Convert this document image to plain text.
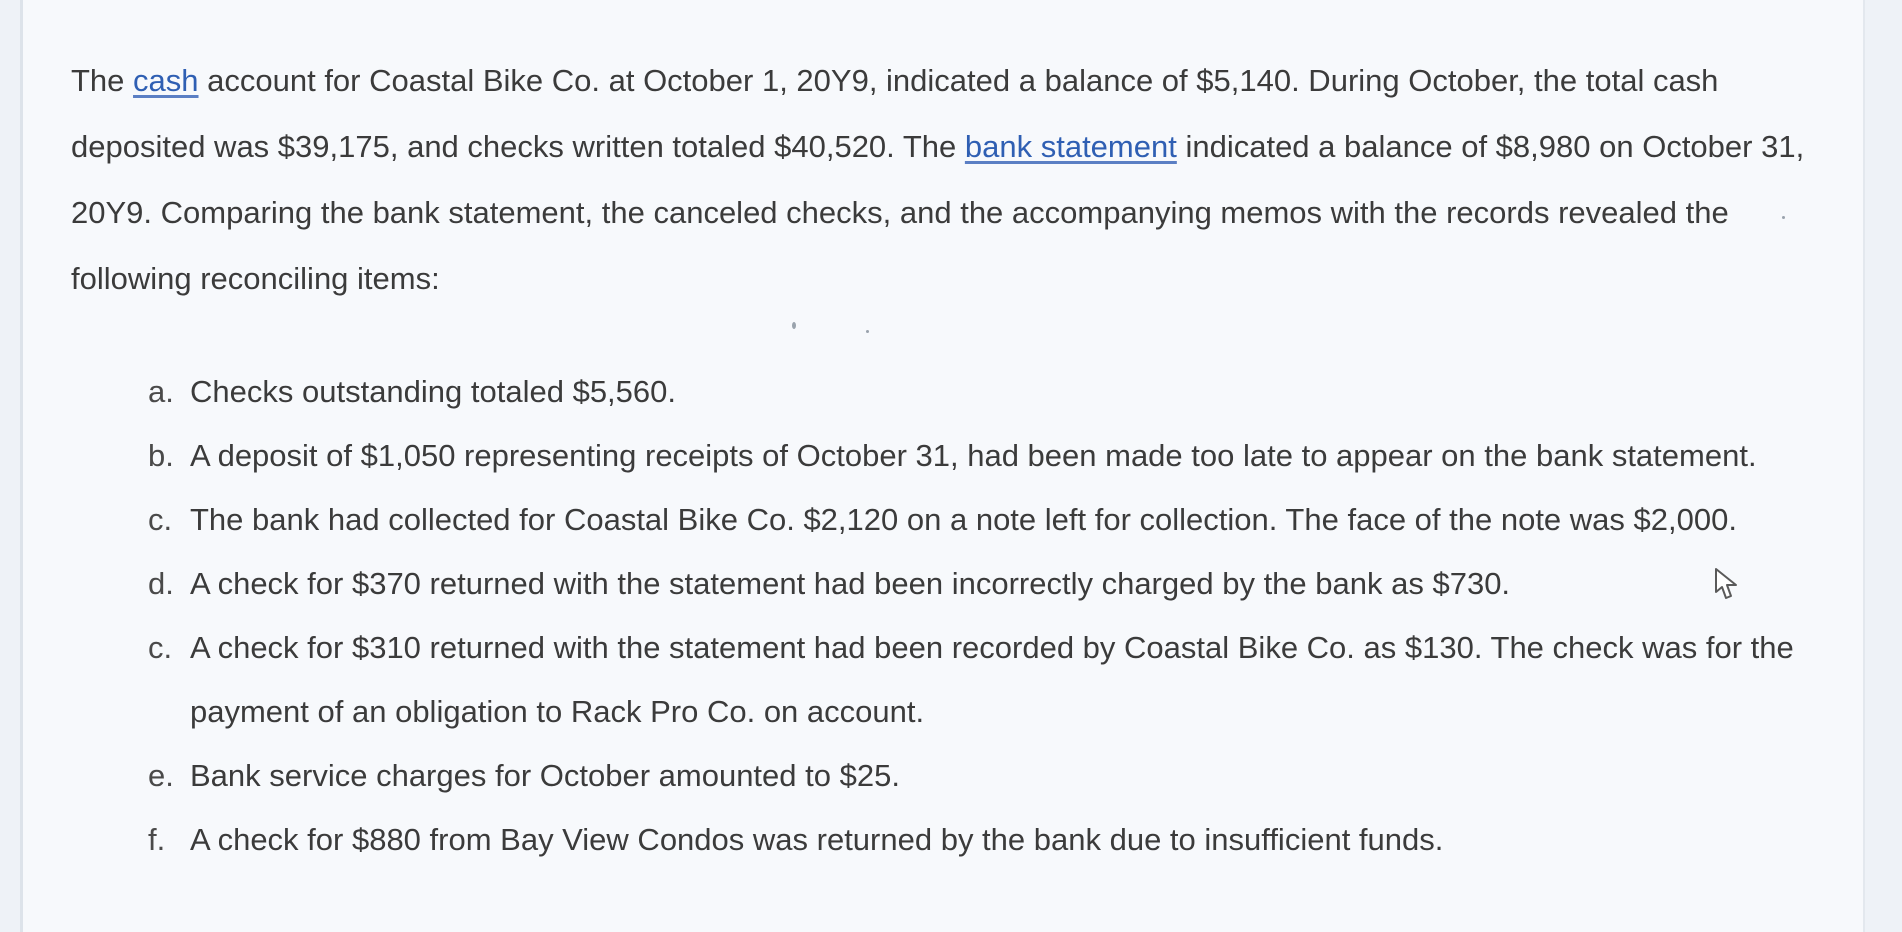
The cash account for Coastal Bike Co. at October 1, 20Y9, indicated a balance of $5,140. During October, the total cash deposited was $39,175, and checks written totaled $40,520. The bank statement indicated a balance of $8,980 on October 31, 20Y9. Comparing the bank statement, the canceled checks, and the accompanying memos with the records revealed the following reconciling items:

a. Checks outstanding totaled $5,560.
b. A deposit of $1,050 representing receipts of October 31, had been made too late to appear on the bank statement.
c. The bank had collected for Coastal Bike Co. $2,120 on a note left for collection. The face of the note was $2,000.
d. A check for $370 returned with the statement had been incorrectly charged by the bank as $730.
c. A check for $310 returned with the statement had been recorded by Coastal Bike Co. as $130. The check was for the payment of an obligation to Rack Pro Co. on account.
e. Bank service charges for October amounted to $25.
f. A check for $880 from Bay View Condos was returned by the bank due to insufficient funds.
